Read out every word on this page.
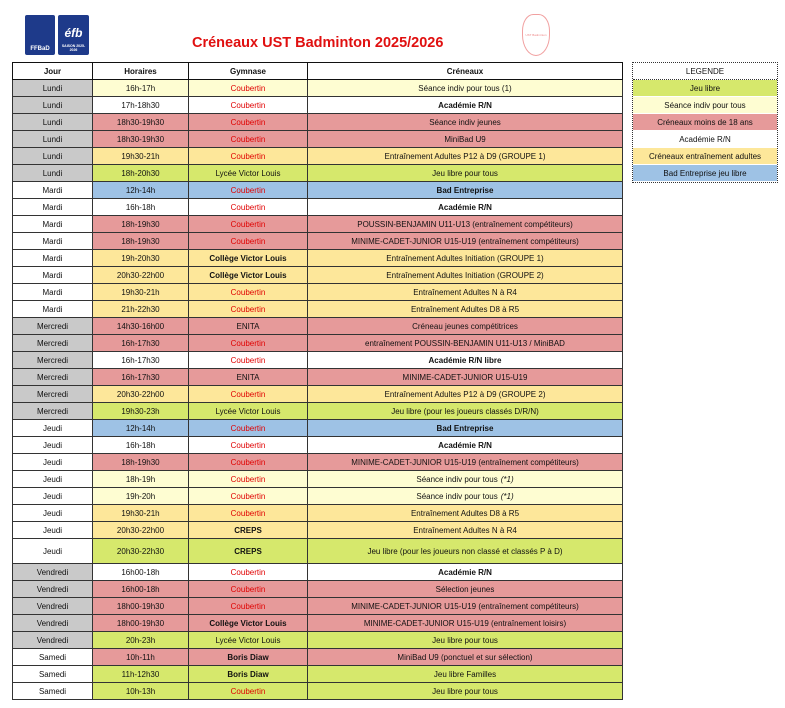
FFBaD
éfb
SAISON 2025-2026	Créneaux UST Badminton 2025/2026	UST Badminton
Jour	Horaires	Gymnase	Créneaux
Lundi	16h-17h	Coubertin	Séance indiv pour tous (1)
Lundi	17h-18h30	Coubertin	Académie R/N
Lundi	18h30-19h30	Coubertin	Séance indiv jeunes
Lundi	18h30-19h30	Coubertin	MiniBad U9
Lundi	19h30-21h	Coubertin	Entraînement Adultes P12 à D9 (GROUPE 1)
Lundi	18h-20h30	Lycée Victor Louis	Jeu libre pour tous
Mardi	12h-14h	Coubertin	Bad Entreprise
Mardi	16h-18h	Coubertin	Académie R/N
Mardi	18h-19h30	Coubertin	POUSSIN-BENJAMIN U11-U13 (entraînement compétiteurs)
Mardi	18h-19h30	Coubertin	MINIME-CADET-JUNIOR U15-U19 (entraînement compétiteurs)
Mardi	19h-20h30	Collège Victor Louis	Entraînement Adultes Initiation (GROUPE 1)
Mardi	20h30-22h00	Collège Victor Louis	Entraînement Adultes Initiation (GROUPE 2)
Mardi	19h30-21h	Coubertin	Entraînement Adultes N à R4
Mardi	21h-22h30	Coubertin	Entraînement Adultes D8 à R5
Mercredi	14h30-16h00	ENITA	Créneau jeunes compétitrices
Mercredi	16h-17h30	Coubertin	entraînement POUSSIN-BENJAMIN U11-U13 / MiniBAD
Mercredi	16h-17h30	Coubertin	Académie R/N libre
Mercredi	16h-17h30	ENITA	MINIME-CADET-JUNIOR U15-U19
Mercredi	20h30-22h00	Coubertin	Entraînement Adultes P12 à D9 (GROUPE 2)
Mercredi	19h30-23h	Lycée Victor Louis	Jeu libre (pour les joueurs classés D/R/N)
Jeudi	12h-14h	Coubertin	Bad Entreprise
Jeudi	16h-18h	Coubertin	Académie R/N
Jeudi	18h-19h30	Coubertin	MINIME-CADET-JUNIOR U15-U19 (entraînement compétiteurs)
Jeudi	18h-19h	Coubertin	Séance indiv pour tous (*1)
Jeudi	19h-20h	Coubertin	Séance indiv pour tous (*1)
Jeudi	19h30-21h	Coubertin	Entraînement Adultes D8 à R5
Jeudi	20h30-22h00	CREPS	Entraînement Adultes N à R4
Jeudi	20h30-22h30	CREPS	Jeu libre (pour les joueurs non classé et classés P à D)
Vendredi	16h00-18h	Coubertin	Académie R/N
Vendredi	16h00-18h	Coubertin	Sélection jeunes
Vendredi	18h00-19h30	Coubertin	MINIME-CADET-JUNIOR U15-U19 (entraînement compétiteurs)
Vendredi	18h00-19h30	Collège Victor Louis	MINIME-CADET-JUNIOR U15-U19 (entraînement loisirs)
Vendredi	20h-23h	Lycée Victor Louis	Jeu libre pour tous
Samedi	10h-11h	Boris Diaw	MiniBad U9 (ponctuel et sur sélection)
Samedi	11h-12h30	Boris Diaw	Jeu libre Familles
Samedi	10h-13h	Coubertin	Jeu libre pour tous
LEGENDE
Jeu libre
Séance indiv pour tous
Créneaux moins de 18 ans
Académie R/N
Créneaux entraînement adultes
Bad Entreprise jeu libre
